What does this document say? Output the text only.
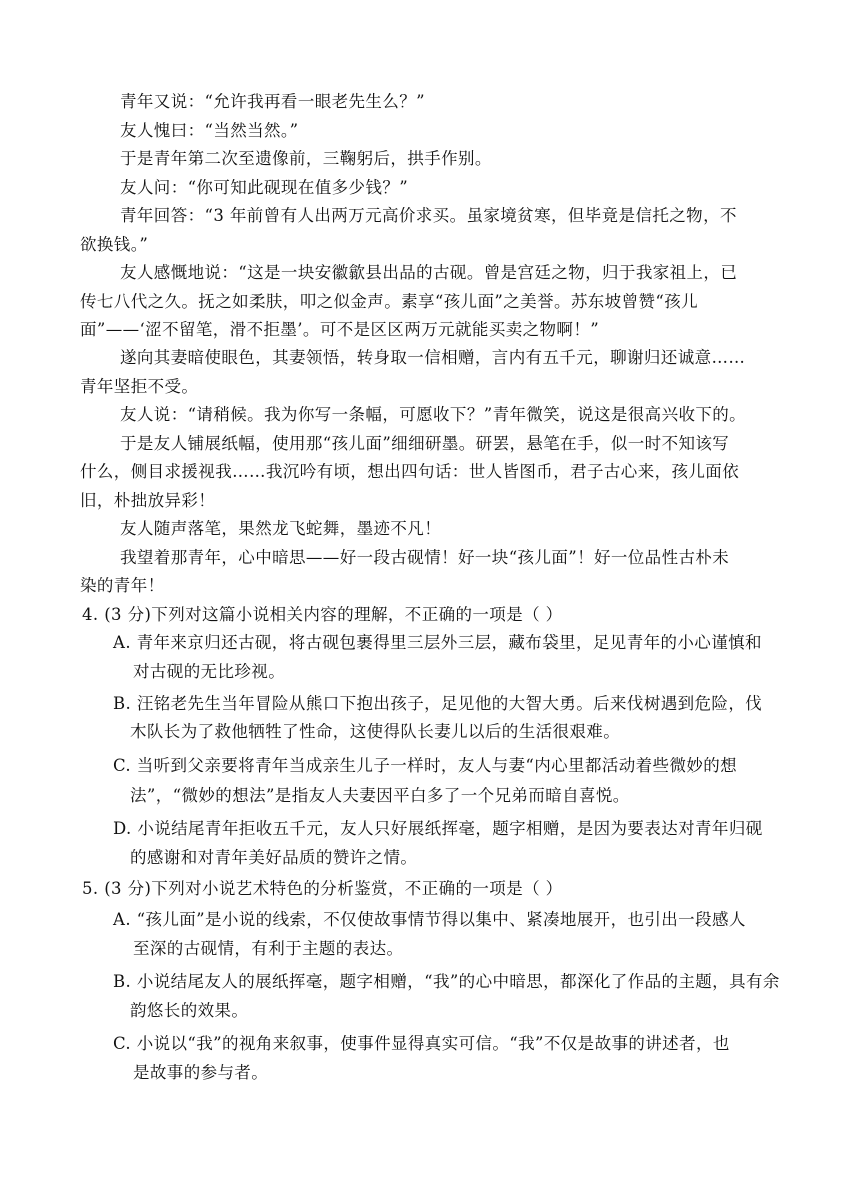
青年又说：“允许我再看一眼老先生么？”
友人愧曰：“当然当然。”
于是青年第二次至遗像前，三鞠躬后，拱手作别。
友人问：“你可知此砚现在值多少钱？”
青年回答：“3 年前曾有人出两万元高价求买。虽家境贫寒，但毕竟是信托之物，不
欲换钱。”
友人感慨地说：“这是一块安徽歙县出品的古砚。曾是宫廷之物，归于我家祖上，已
传七八代之久。抚之如柔肤，叩之似金声。素享“孩儿面”之美誉。苏东坡曾赞“孩儿
面”——‘涩不留笔，滑不拒墨’。可不是区区两万元就能买卖之物啊！”
遂向其妻暗使眼色，其妻领悟，转身取一信相赠，言内有五千元，聊谢归还诚意……
青年坚拒不受。
友人说：“请稍候。我为你写一条幅，可愿收下？”青年微笑，说这是很高兴收下的。
于是友人铺展纸幅，使用那“孩儿面”细细研墨。研罢，悬笔在手，似一时不知该写
什么，侧目求援视我……我沉吟有顷，想出四句话：世人皆图币，君子古心来，孩儿面依
旧，朴拙放异彩！
友人随声落笔，果然龙飞蛇舞，墨迹不凡！
我望着那青年，心中暗思——好一段古砚情！好一块“孩儿面”！好一位品性古朴未
染的青年！
4. (3 分)下列对这篇小说相关内容的理解，不正确的一项是（ ）
A. 青年来京归还古砚，将古砚包裹得里三层外三层，藏布袋里，足见青年的小心谨慎和
对古砚的无比珍视。
B. 汪铭老先生当年冒险从熊口下抱出孩子，足见他的大智大勇。后来伐树遇到危险，伐
木队长为了救他牺牲了性命，这使得队长妻儿以后的生活很艰难。
C. 当听到父亲要将青年当成亲生儿子一样时，友人与妻“内心里都活动着些微妙的想
法”，“微妙的想法”是指友人夫妻因平白多了一个兄弟而暗自喜悦。
D. 小说结尾青年拒收五千元，友人只好展纸挥毫，题字相赠，是因为要表达对青年归砚
的感谢和对青年美好品质的赞许之情。
5. (3 分)下列对小说艺术特色的分析鉴赏，不正确的一项是（ ）
A. “孩儿面”是小说的线索，不仅使故事情节得以集中、紧凑地展开，也引出一段感人
至深的古砚情，有利于主题的表达。
B. 小说结尾友人的展纸挥毫，题字相赠，“我”的心中暗思，都深化了作品的主题，具有余
韵悠长的效果。
C. 小说以“我”的视角来叙事，使事件显得真实可信。“我”不仅是故事的讲述者，也
是故事的参与者。
